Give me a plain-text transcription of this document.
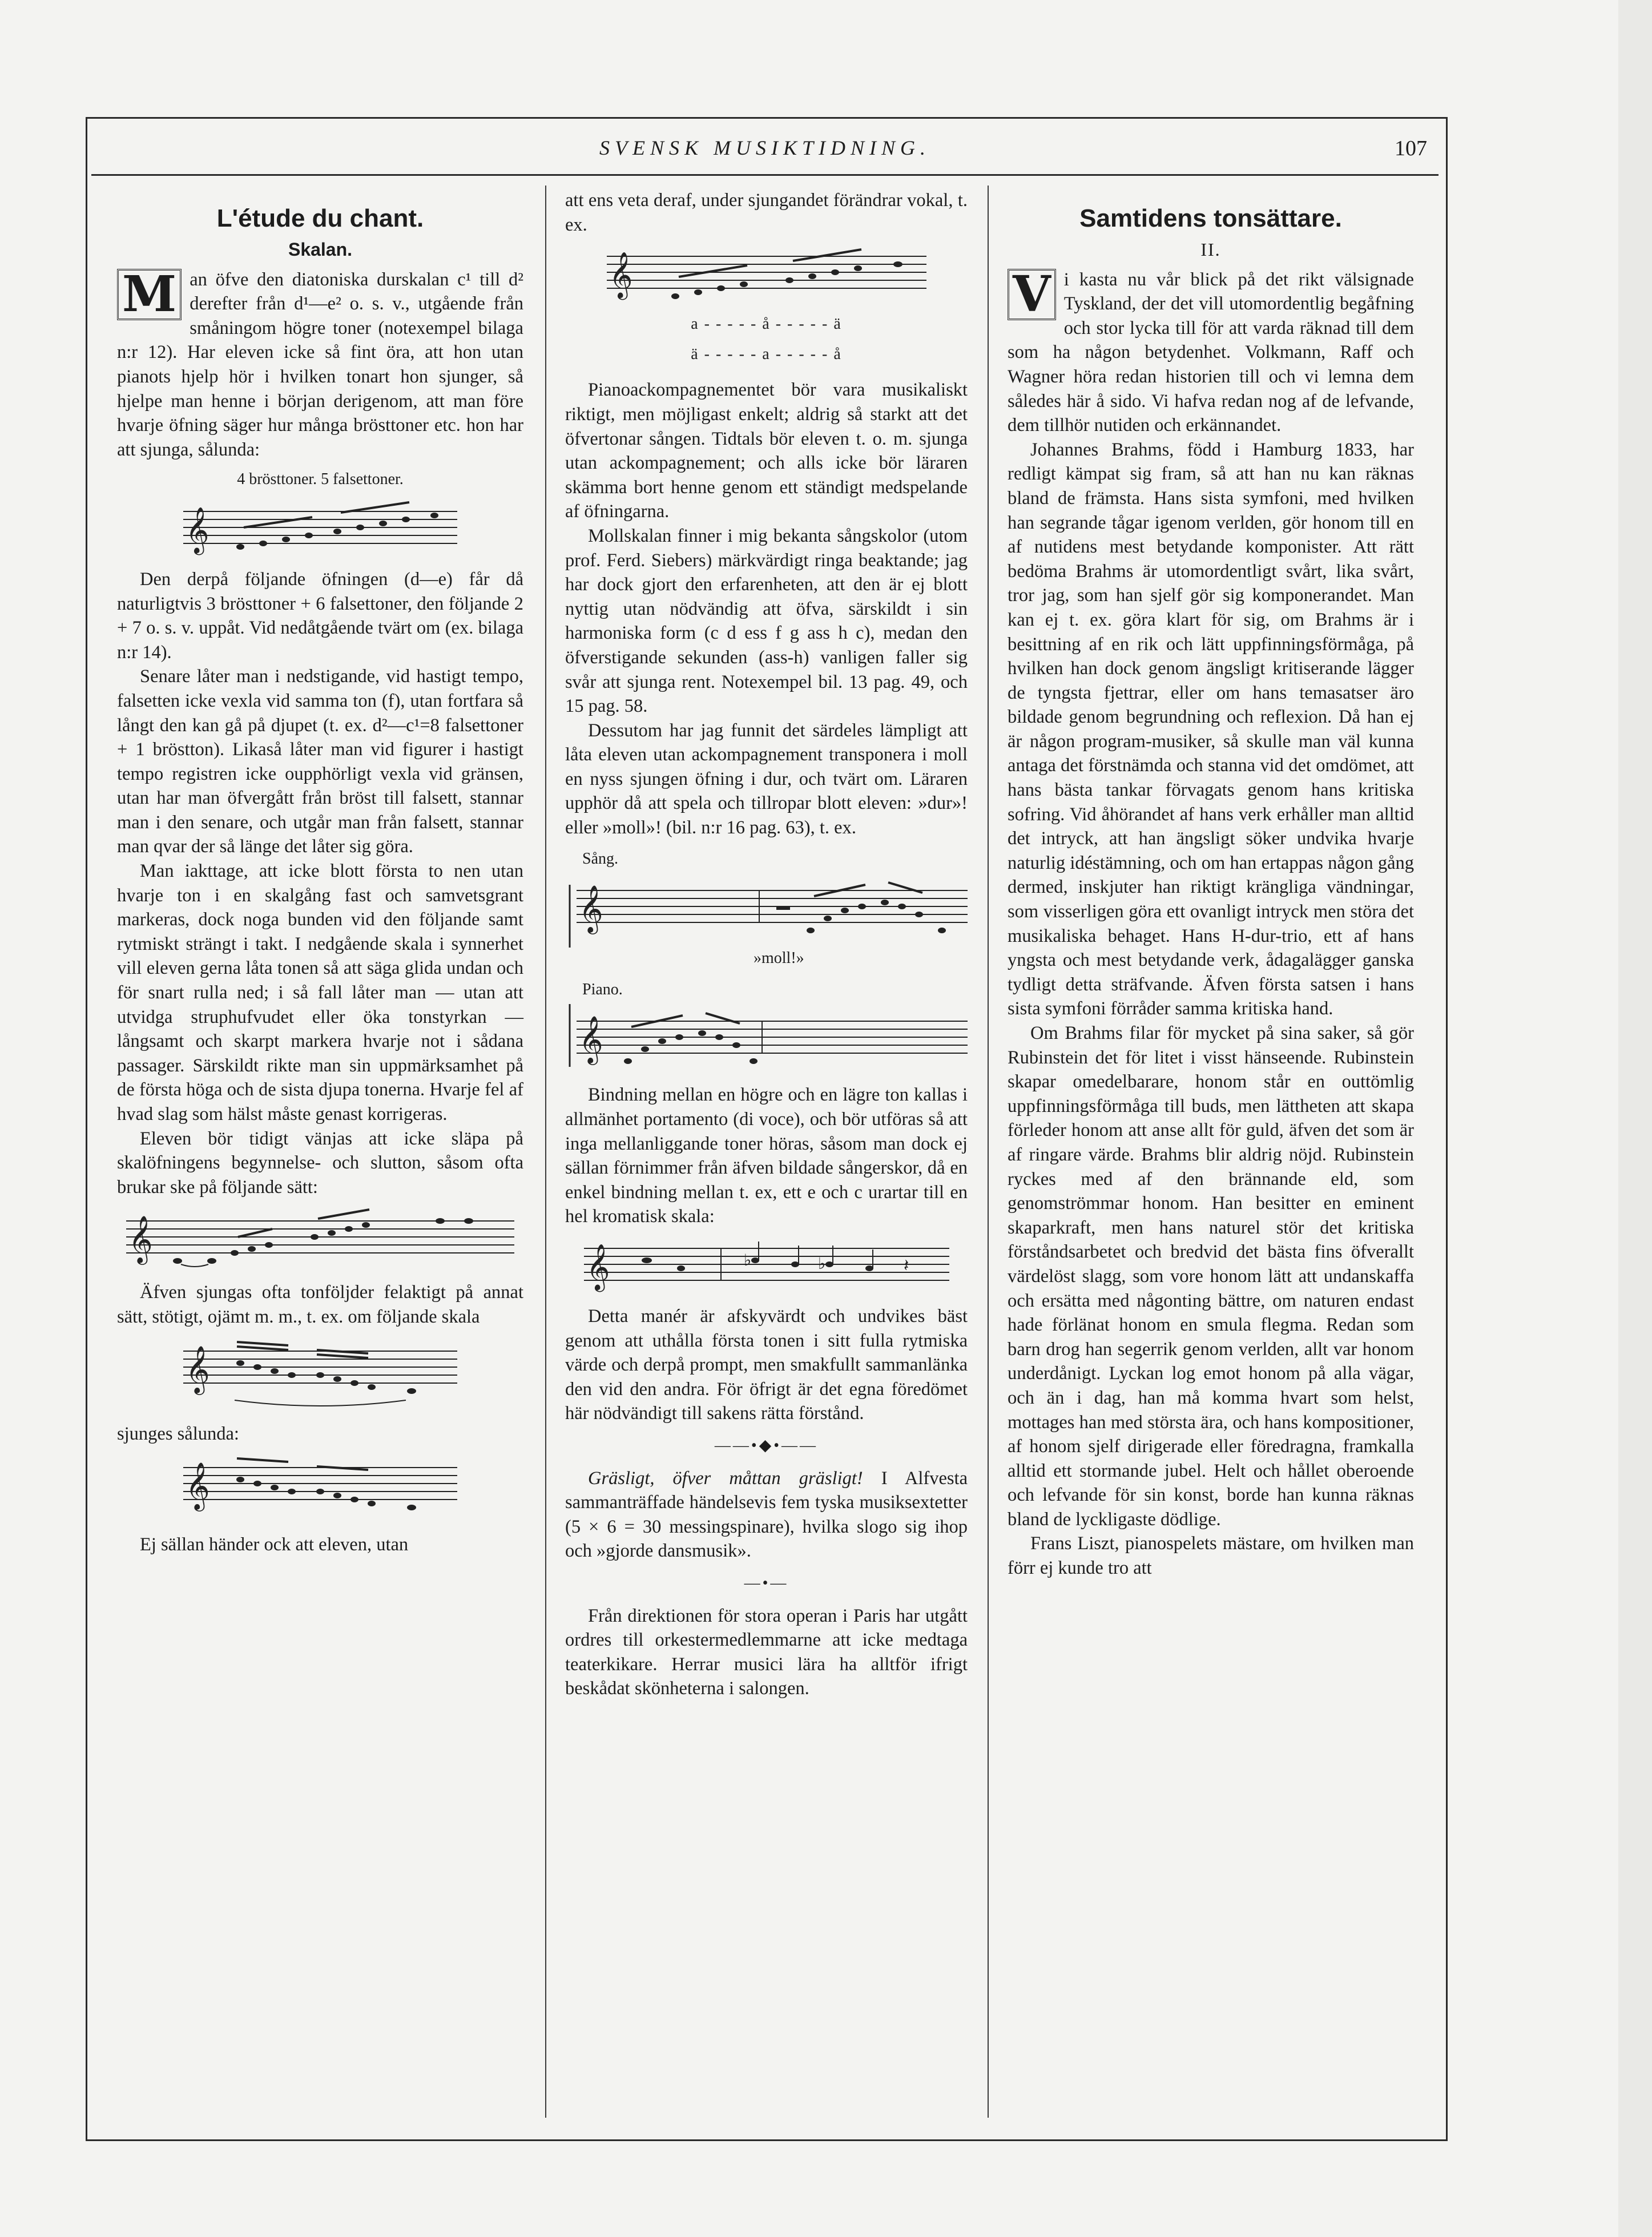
SVENSK MUSIKTIDNING.	107
L'étude du chant.
Skalan.

M an öfve den diatoniska durskalan c¹ till d² derefter från d¹—e² o. s. v., utgående från småningom högre toner (notexempel bilaga n:r 12). Har eleven icke så fint öra, att hon utan pianots hjelp hör i hvilken tonart hon sjunger, så hjelpe man henne i början derigenom, att man före hvarje öfning säger hur många brösttoner etc. hon har att sjunga, sålunda:

4 brösttoner. 5 falsettoner.
𝄞

Den derpå följande öfningen (d—e) får då naturligtvis 3 brösttoner + 6 falsettoner, den följande 2 + 7 o. s. v. uppåt. Vid nedåtgående tvärt om (ex. bilaga n:r 14).

Senare låter man i nedstigande, vid hastigt tempo, falsetten icke vexla vid samma ton (f), utan fortfara så långt den kan gå på djupet (t. ex. d²—c¹=8 falsettoner + 1 bröstton). Likaså låter man vid figurer i hastigt tempo registren icke oupphörligt vexla vid gränsen, utan har man öfvergått från bröst till falsett, stannar man i den senare, och utgår man från falsett, stannar man qvar der så länge det låter sig göra.

Man iakttage, att icke blott första to nen utan hvarje ton i en skalgång fast och samvetsgrant markeras, dock noga bunden vid den följande samt rytmiskt strängt i takt. I nedgående skala i synnerhet vill eleven gerna låta tonen så att säga glida undan och för snart rulla ned; i så fall låter man — utan att utvidga struphufvudet eller öka tonstyrkan — långsamt och skarpt markera hvarje not i sådana passager. Särskildt rikte man sin uppmärksamhet på de första höga och de sista djupa tonerna. Hvarje fel af hvad slag som hälst måste genast korrigeras.

Eleven bör tidigt vänjas att icke släpa på skalöfningens begynnelse- och slutton, såsom ofta brukar ske på följande sätt:

𝄞

Äfven sjungas ofta tonföljder felaktigt på annat sätt, stötigt, ojämt m. m., t. ex. om följande skala

𝄞

sjunges sålunda:

𝄞

Ej sällan händer ock att eleven, utan

att ens veta deraf, under sjungandet förändrar vokal, t. ex.

𝄞
a - - - - - å - - - - - ä
ä - - - - - a - - - - - å

Pianoackompagnementet bör vara musikaliskt riktigt, men möjligast enkelt; aldrig så starkt att det öfvertonar sången. Tidtals bör eleven t. o. m. sjunga utan ackompagnement; och alls icke bör läraren skämma bort henne genom ett ständigt medspelande af öfningarna.

Mollskalan finner i mig bekanta sångskolor (utom prof. Ferd. Siebers) märkvärdigt ringa beaktande; jag har dock gjort den erfarenheten, att den är ej blott nyttig utan nödvändig att öfva, särskildt i sin harmoniska form (c d ess f g ass h c), medan den öfverstigande sekunden (ass-h) vanligen faller sig svår att sjunga rent. Notexempel bil. 13 pag. 49, och 15 pag. 58.

Dessutom har jag funnit det särdeles lämpligt att låta eleven utan ackompagnement transponera i moll en nyss sjungen öfning i dur, och tvärt om. Läraren upphör då att spela och tillropar blott eleven: »dur»! eller »moll»! (bil. n:r 16 pag. 63), t. ex.

Sång.
𝄞
»moll!»
Piano.
𝄞

Bindning mellan en högre och en lägre ton kallas i allmänhet portamento (di voce), och bör utföras så att inga mellanliggande toner höras, såsom man dock ej sällan förnimmer från äfven bildade sångerskor, då en enkel bindning mellan t. ex, ett e och c urartar till en hel kromatisk skala:

𝄞	♭	♭	𝄽

Detta manér är afskyvärdt och undvikes bäst genom att uthålla första tonen i sitt fulla rytmiska värde och derpå prompt, men smakfullt sammanlänka den vid den andra. För öfrigt är det egna föredömet här nödvändigt till sakens rätta förstånd.

——•◆•——

Gräsligt, öfver måttan gräsligt! I Alfvesta sammanträffade händelsevis fem tyska musiksextetter (5 × 6 = 30 messingspinare), hvilka slogo sig ihop och »gjorde dansmusik».

—•—

Från direktionen för stora operan i Paris har utgått ordres till orkestermedlemmarne att icke medtaga teaterkikare. Herrar musici lära ha alltför ifrigt beskådat skönheterna i salongen.

Samtidens tonsättare.
II.

V i kasta nu vår blick på det rikt välsignade Tyskland, der det vill utomordentlig begåfning och stor lycka till för att varda räknad till dem som ha någon betydenhet. Volkmann, Raff och Wagner höra redan historien till och vi lemna dem således här å sido. Vi hafva redan nog af de lefvande, dem tillhör nutiden och erkännandet.

Johannes Brahms, född i Hamburg 1833, har redligt kämpat sig fram, så att han nu kan räknas bland de främsta. Hans sista symfoni, med hvilken han segrande tågar igenom verlden, gör honom till en af nutidens mest betydande komponister. Att rätt bedöma Brahms är utomordentligt svårt, lika svårt, tror jag, som han sjelf gör sig komponerandet. Man kan ej t. ex. göra klart för sig, om Brahms är i besittning af en rik och lätt uppfinningsförmåga, på hvilken han dock genom ängsligt kritiserande lägger de tyngsta fjettrar, eller om hans temasatser äro bildade genom begrundning och reflexion. Då han ej är någon program-musiker, så skulle man väl kunna antaga det förstnämda och stanna vid det omdömet, att hans bästa tankar förvagats genom hans kritiska sofring. Vid åhörandet af hans verk erhåller man alltid det intryck, att han ängsligt söker undvika hvarje naturlig idéstämning, och om han ertappas någon gång dermed, inskjuter han riktigt krängliga vändningar, som visserligen göra ett ovanligt intryck men störa det musikaliska behaget. Hans H-dur-trio, ett af hans yngsta och mest betydande verk, ådagalägger ganska tydligt detta sträfvande. Äfven första satsen i hans sista symfoni förråder samma kritiska hand.

Om Brahms filar för mycket på sina saker, så gör Rubinstein det för litet i visst hänseende. Rubinstein skapar omedelbarare, honom står en outtömlig uppfinningsförmåga till buds, men lättheten att skapa förleder honom att anse allt för guld, äfven det som är af ringare värde. Brahms blir aldrig nöjd. Rubinstein ryckes med af den brännande eld, som genomströmmar honom. Han besitter en eminent skaparkraft, men hans naturel stör det kritiska förståndsarbetet och bredvid det bästa fins öfverallt värdelöst slagg, som vore honom lätt att undanskaffa och ersätta med någonting bättre, om naturen endast hade förlänat honom en smula flegma. Redan som barn drog han segerrik genom verlden, allt var honom underdånigt. Lyckan log emot honom på alla vägar, och än i dag, han må komma hvart som helst, mottages han med största ära, och hans kompositioner, af honom sjelf dirigerade eller föredragna, framkalla alltid ett stormande jubel. Helt och hållet oberoende och lefvande för sin konst, borde han kunna räknas bland de lyckligaste dödlige.

Frans Liszt, pianospelets mästare, om hvilken man förr ej kunde tro att
